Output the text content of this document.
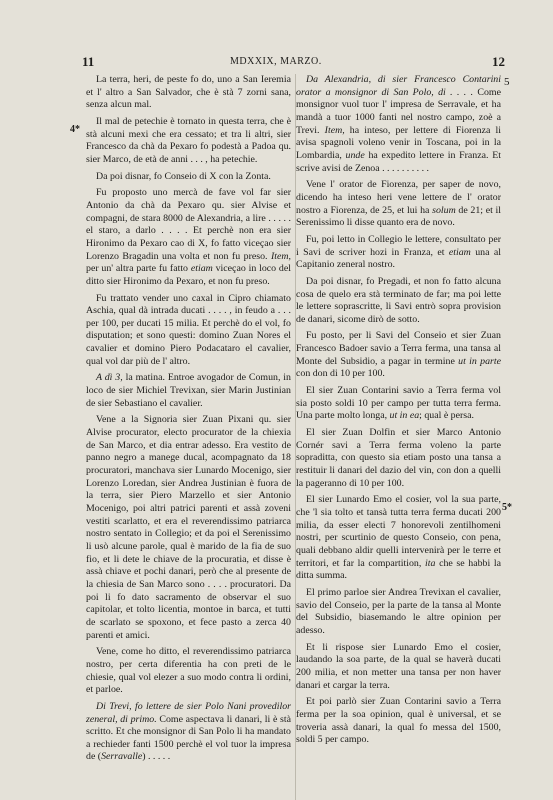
11	MDXXIX, MARZO.	12
4*
5
5*

La terra, heri, de peste fo do, uno a San Ieremia et l' altro a San Salvador, che è stà 7 zorni sana, senza alcun mal.

Il mal de petechie è tornato in questa terra, che è stà alcuni mexi che era cessato; et tra li altri, sier Francesco da chà da Pexaro fo podestà a Padoa qu. sier Marco, de età de anni . . . , ha petechie.

Da poi disnar, fo Conseio di X con la Zonta.

Fu proposto uno mercà de fave vol far sier Antonio da chà da Pexaro qu. sier Alvise et compagni, de stara 8000 de Alexandria, a lire . . . . . el staro, a darlo . . . . Et perchè non era sier Hironimo da Pexaro cao di X, fo fatto viceçao sier Lorenzo Bragadin una volta et non fu preso. Item, per un' altra parte fu fatto etiam viceçao in loco del ditto sier Hironimo da Pexaro, et non fu preso.

Fu trattato vender uno caxal in Cipro chiamato Aschia, qual dà intrada ducati . . . . , in feudo a . . . per 100, per ducati 15 milia. Et perchè do el vol, fo disputation; et sono questi: domino Zuan Nores el cavalier et domino Piero Podacataro el cavalier, qual vol dar più de l' altro.

A dì 3, la matina. Entroe avogador de Comun, in loco de sier Michiel Trevixan, sier Marin Justinian de sier Sebastiano el cavalier.

Vene a la Signoria sier Zuan Pixani qu. sier Alvise procurator, electo procurator de la chiexia de San Marco, et dia entrar adesso. Era vestito de panno negro a manege ducal, acompagnato da 18 procuratori, manchava sier Lunardo Mocenigo, sier Lorenzo Loredan, sier Andrea Justinian è fuora de la terra, sier Piero Marzello et sier Antonio Mocenigo, poi altri patrici parenti et assà zoveni vestiti scarlatto, et era el reverendissimo patriarca nostro sentato in Collegio; et da poi el Serenissimo li usò alcune parole, qual è marido de la fia de suo fio, et li dete le chiave de la procuratia, et disse è assà chiave et pochi danari, però che al presente de la chiesia de San Marco sono . . . . procuratori. Da poi li fo dato sacramento de observar el suo capitolar, et tolto licentia, montoe in barca, et tutti de scarlato se spoxono, et fece pasto a zerca 40 parenti et amici.

Vene, come ho ditto, el reverendissimo patriarca nostro, per certa diferentia ha con preti de le chiesie, qual vol elezer a suo modo contra li ordini, et parloe.

Di Trevi, fo lettere de sier Polo Nani provedilor zeneral, di primo. Come aspectava li danari, li è stà scritto. Et che monsignor di San Polo li ha mandato a rechieder fanti 1500 perchè el vol tuor la impresa de (Serravalle) . . . . .

Da Alexandria, di sier Francesco Contarini orator a monsignor di San Polo, di . . . . Come monsignor vuol tuor l' impresa de Serravale, et ha mandà a tuor 1000 fanti nel nostro campo, zoè a Trevi. Item, ha inteso, per lettere di Fiorenza li avisa spagnoli voleno venir in Toscana, poi in la Lombardia, unde ha expedito lettere in Franza. Et scrive avisi de Zenoa . . . . . . . . . .

Vene l' orator de Fiorenza, per saper de novo, dicendo ha inteso heri vene lettere de l' orator nostro a Fiorenza, de 25, et lui ha solum de 21; et il Serenissimo li disse quanto era de novo.

Fu, poi letto in Collegio le lettere, consultato per i Savi de scriver hozi in Franza, et etiam una al Capitanio zeneral nostro.

Da poi disnar, fo Pregadi, et non fo fatto alcuna cosa de quelo era stà terminato de far; ma poi lette le lettere soprascritte, li Savi entrò sopra provision de danari, sicome dirò de sotto.

Fu posto, per li Savi del Conseio et sier Zuan Francesco Badoer savio a Terra ferma, una tansa al Monte del Subsidio, a pagar in termine ut in parte con don di 10 per 100.

El sier Zuan Contarini savio a Terra ferma vol sia posto soldi 10 per campo per tutta terra ferma. Una parte molto longa, ut in ea; qual è persa.

El sier Zuan Dolfin et sier Marco Antonio Cornér savi a Terra ferma voleno la parte sopraditta, con questo sia etiam posto una tansa a restituir li danari del dazio del vin, con don a quelli la pageranno di 10 per 100.

El sier Lunardo Emo el cosier, vol la sua parte, che 'l sia tolto et tansà tutta terra ferma ducati 200 milia, da esser electi 7 honorevoli zentilhomeni nostri, per scurtinio de questo Conseio, con pena, quali debbano aldir quelli intervenirà per le terre et territori, et far la compartition, ita che se habbi la ditta summa.

El primo parloe sier Andrea Trevixan el cavalier, savio del Conseio, per la parte de la tansa al Monte del Subsidio, biasemando le altre opinion per adesso.

Et li rispose sier Lunardo Emo el cosier, laudando la soa parte, de la qual se haverà ducati 200 milia, et non metter una tansa per non haver danari et cargar la terra.

Et poi parlò sier Zuan Contarini savio a Terra ferma per la soa opinion, qual è universal, et se troveria assà danari, la qual fo messa del 1500, soldi 5 per campo.
